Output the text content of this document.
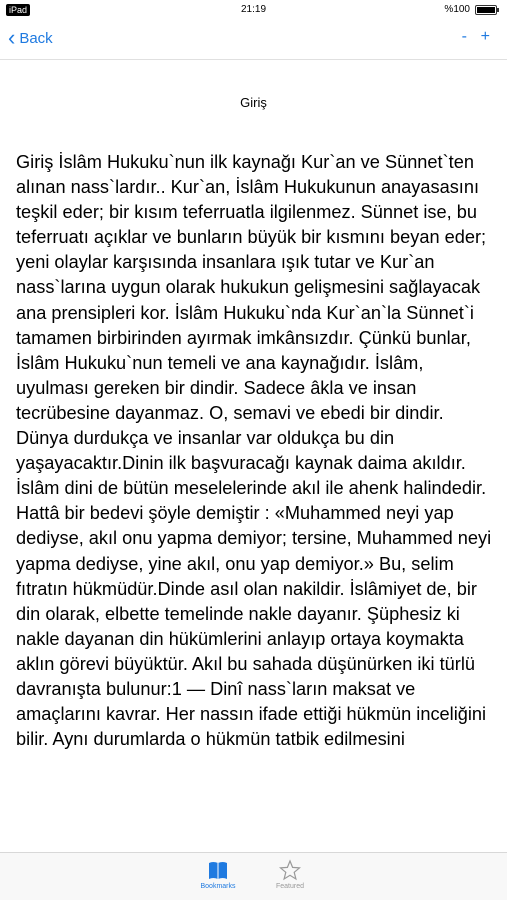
iPad	21:19	%100
‹ Back	- +
Giriş
Giriş İslâm Hukuku`nun ilk kaynağı Kur`an ve Sünnet`ten alınan nass`lardır.. Kur`an, İslâm Hukukunun anayasasını teşkil eder; bir kısım teferruatla ilgilenmez. Sünnet ise, bu teferruatı açıklar ve bunların büyük bir kısmını beyan eder; yeni olaylar karşısında insanlara ışık tutar ve Kur`an nass`larına uygun olarak hukukun gelişmesini sağlayacak ana prensipleri kor. İslâm Hukuku`nda Kur`an`la Sünnet`i tamamen birbirinden ayırmak imkânsızdır. Çünkü bunlar, İslâm Hukuku`nun temeli ve ana kaynağıdır. İslâm, uyulması gereken bir dindir. Sadece âkla ve insan tecrübesine dayanmaz. O, semavi ve ebedi bir dindir. Dünya durdukça ve insanlar var oldukça bu din yaşayacaktır.Dinin ilk başvuracağı kaynak daima akıldır. İslâm dini de bütün meselelerinde akıl ile ahenk halindedir. Hattâ bir bedevi şöyle demiştir : «Muhammed neyi yap dediyse, akıl onu yapma demiyor; tersine, Muhammed neyi yapma dediyse, yine akıl, onu yap demiyor.» Bu, selim fıtratın hükmüdür.Dinde asıl olan nakildir. İslâmiyet de, bir din olarak, elbette temelinde nakle dayanır. Şüphesiz ki nakle dayanan din hükümlerini anlayıp ortaya koymakta aklın görevi büyüktür. Akıl bu sahada düşünürken iki türlü davranışta bulunur:1 — Dinî nass`ların maksat ve amaçlarını kavrar. Her nassın ifade ettiği hükmün inceliğini bilir. Aynı durumlarda o hükmün tatbik edilmesini
Bookmarks	Featured
